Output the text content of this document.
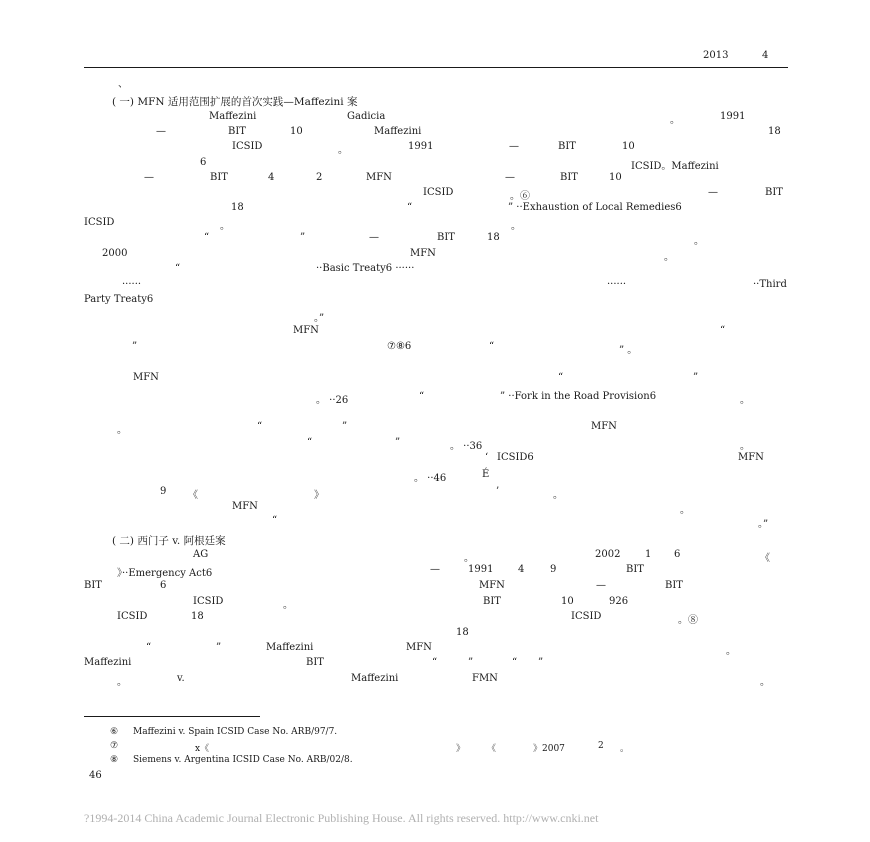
2013	4
、
( 一) MFN 适用范围扩展的首次实践—Maffezini 案
Maffezini	Gadicia	。	1991
—	BIT	10	Maffezini	18
ICSID	。	1991	—	BIT	10
6	ICSID。Maffezini
—	BIT	4	2	MFN	—	BIT	10
ICSID	。⑥	—	BIT
18	“	” ··Exhaustion of Local Remedies6
ICSID	。	。
“	”	—	BIT	18	。
2000	MFN	。
“	··Basic Treaty6 ······
······	······	··Third
Party Treaty6
。”
MFN	“
”	⑦⑧6	“	” 。
MFN	“	”
。 ··26	“	” ··Fork in the Road Provision6	。
。	“	”	MFN
“	”	。 ··36	。
‘ ICSID6	MFN
。 ··46	É
9 《	》	’	。
MFN	。
“	。”
( 二) 西门子 v. 阿根廷案
AG	。	2002 1 6	《
》··Emergency Act6	—	1991 4	9	BIT
BIT	6	MFN	—	BIT
ICSID	。	BIT	10	926
ICSID	18	ICSID	。⑧
18
“	”	Maffezini	MFN	。
Maffezini	BIT	“	”	“ ”
。	v.	Maffezini	FMN	。
⑥ Maffezini v. Spain ICSID Case No. ARB/97/7.
⑦	x《	》 《	》2007	2 。
⑧ Siemens v. Argentina ICSID Case No. ARB/02/8.
46
?1994-2014 China Academic Journal Electronic Publishing House. All rights reserved. http://www.cnki.net
